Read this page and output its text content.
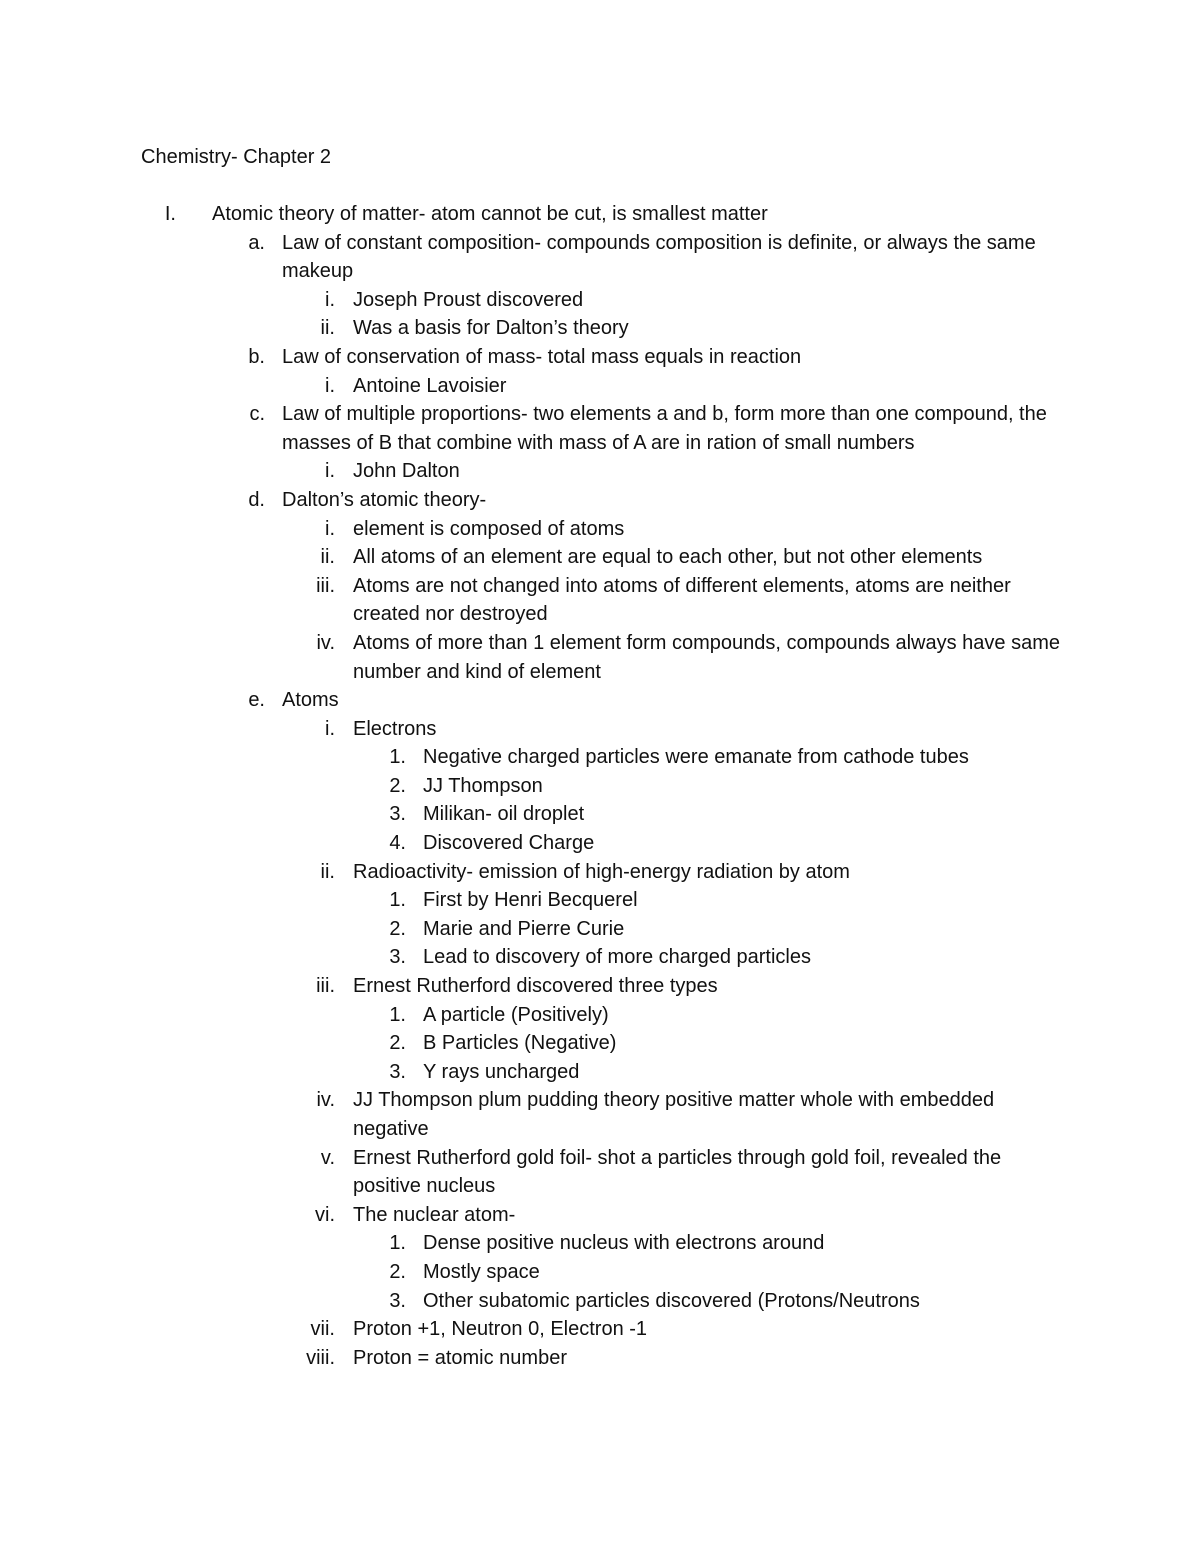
Chemistry- Chapter 2
I. Atomic theory of matter- atom cannot be cut, is smallest matter
a. Law of constant composition- compounds composition is definite, or always the same makeup
i. Joseph Proust discovered
ii. Was a basis for Dalton’s theory
b. Law of conservation of mass- total mass equals in reaction
i. Antoine Lavoisier
c. Law of multiple proportions- two elements a and b, form more than one compound, the masses of B that combine with mass of A are in ration of small numbers
i. John Dalton
d. Dalton’s atomic theory-
i. element is composed of atoms
ii. All atoms of an element are equal to each other, but not other elements
iii. Atoms are not changed into atoms of different elements, atoms are neither created nor destroyed
iv. Atoms of more than 1 element form compounds, compounds always have same number and kind of element
e. Atoms
i. Electrons
1. Negative charged particles were emanate from cathode tubes
2. JJ Thompson
3. Milikan- oil droplet
4. Discovered Charge
ii. Radioactivity- emission of high-energy radiation by atom
1. First by Henri Becquerel
2. Marie and Pierre Curie
3. Lead to discovery of more charged particles
iii. Ernest Rutherford discovered three types
1. A particle (Positively)
2. B Particles (Negative)
3. Y rays uncharged
iv. JJ Thompson plum pudding theory positive matter whole with embedded negative
v. Ernest Rutherford gold foil- shot a particles through gold foil, revealed the positive nucleus
vi. The nuclear atom-
1. Dense positive nucleus with electrons around
2. Mostly space
3. Other subatomic particles discovered (Protons/Neutrons
vii. Proton +1, Neutron 0, Electron -1
viii. Proton = atomic number
